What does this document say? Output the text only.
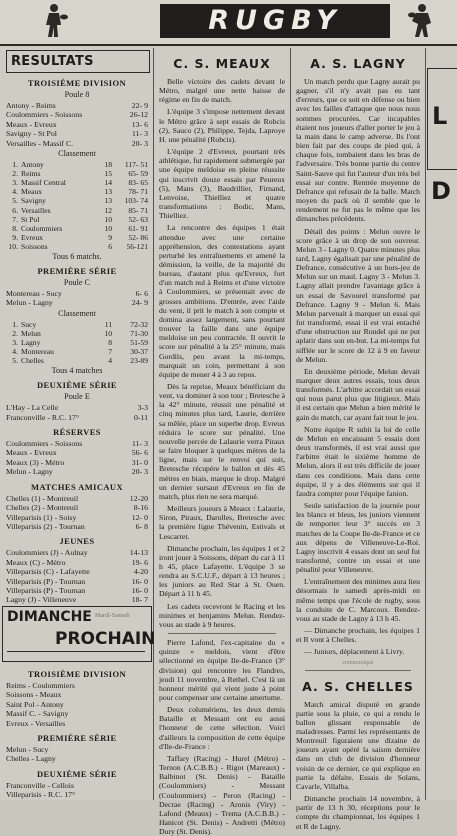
RUGBY
RESULTATS
TROISIÈME DIVISION
Poule 8
Antony - Reims	22- 9
Coulommiers - Soissons	26-12
Meaux - Evreux	13- 6
Savigny - St Pol	11- 3
Versailles - Massif C.	20- 3
Classement
1. Antony	18	117- 51
2. Reims	15	65- 59
3. Massif Central	14	83- 65
4. Meaux	13	78- 71
5. Savigny	13	103- 74
6. Versailles	12	85- 71
7. St Pol	10	52- 63
8. Coulommiers	10	61- 91
9. Evreux	9	52- 86
10. Soissons	6	56-121
Tous 6 matchs.
PREMIÈRE SÉRIE
Poule C
Montereau - Sucy	6- 6
Melun - Lagny	24- 9
Classement
1. Sucy	11	72-32
2. Melun	10	71-30
3. Lagny	8	51-59
4. Montereau	7	30-37
5. Chelles	4	23-89
Tous 4 matches
DEUXIÈME SÉRIE
Poule E
L'Hay - La Celle	3-3
Franconville - R.C. 17°	0-11
RÉSERVES
Coulommiers - Soissons	11- 3
Meaux - Evreux	56- 6
Meaux (3) - Métro	31- 0
Melun - Lagny	20- 3
MATCHES AMICAUX
Chelles (1) - Montreuil	12-20
Chelles (2) - Montreuil	8-16
Villeparisis (1) - Soisy	12- 0
Villeparisis (2) - Tournan	6- 8
JEUNES
Coulommiers (J) - Aulnay	14-13
Meaux (C) - Métro	19- 6
Villeparisis (C) - Lafayette	4-20
Villeparisis (P) - Tournan	16- 0
Villeparisis (P) - Tournan	16- 0
Lagny (J) - Villeneuve	18- 7
DIMANCHE Mardi-Samedi
PROCHAIN
TROISIÈME DIVISION
Reims - Coulommiers
Soissons - Meaux
Saint Pol - Antony
Massif C. - Savigny
Evreux - Versailles
PREMIÈRE SÉRIE
Melun - Sucy
Chelles - Lagny
DEUXIÈME SÉRIE
Franconville - Cellois
Villeparisis - R.C. 17°
C. S. MEAUX

Belle victoire des cadets devant le Métro, malgré une nette baisse de régime en fin de match.

L'équipe 3 s'impose nettement devant le Métro grâce à sept essais de Robcis (2), Sauco (2), Philippe, Tejda, Laproye H. une pénalité (Robcis).

L'équipe 2 d'Evreux, pourtant très athlétique, fut rapidement submergée par une équipe meldoise en pleine réussite qui inscrivit douze essais par Peureux (5), Mans (3), Baudrillier, Firnand, Lenvoise, Thielliez et quatre transformations : Bodic, Mans, Thielliez.

La rencontre des équipes 1 était attendue avec une certaine appréhension, des contestations ayant perturbé les entraînements et amené la démission, la veille, de la majorité du bureau, d'autant plus qu'Evreux, fort d'un match nul à Reims et d'une victoire à Coulommiers, se présentait avec de grosses ambitions. D'entrée, avec l'aide du vent, il prit le match à son compte et domina assez largement, sans pourtant trouver la faille dans une équipe meldoise un peu contractée. Il ouvrit le score sur pénalité à la 25° minute, mais Gordils, peu avant la mi-temps, marquait un coin, permettant à son équipe de mener 4 à 3 au repos.

Dès la reprise, Meaux bénéficiant du vent, va dominer à son tour ; Bretesche à la 42° minute, réussit une pénalité et cinq minutes plus tard, Laurie, derrière sa mêlée, place un superbe drop. Evreux réduira le score sur pénalité. Une nouvelle percée de Lalaurie verra Piraux se faire bloquer à quelques mètres de la ligne, mais sur le renvoi qui suit, Bretesche récupère le ballon et dès 45 mètres en biais, marque le drop. Malgré un dernier sursaut d'Evreux en fin de match, plus rien ne sera marqué.

Meilleurs joueurs à Meaux : Lalaurie, Siron, Piraux, Darolles, Bretesche avec la première ligne Thévenin, Estivals et Lescarret.

Dimanche prochain, les équipes 1 et 2 iront jouer à Soissons, départ du car à 11 h 45, place Lafayette. L'équipe 3 se rendra au S.C.U.F., départ à 13 heures ; les juniors au Red Star à St. Ouen. Départ à 11 h 45.

Les cadets recevront le Racing et les minimes et benjamins Melun. Rendez-vous au stade à 9 heures.

Pierre Lafond, l'ex-capitaine du « quinze » meldois, vient d'être sélectionné en équipe Ile-de-France (3° division) qui rencontre les Flandres, jeudi 11 novembre, à Rethel. C'est là un honneur mérité qui vient juste à point pour compenser une certaine amertume.

Deux columériens, les deux demis Bataille et Messant ont eu aussi l'honneur de cette sélection. Voici d'ailleurs la composition de cette équipe d'Ile-de-France :

Taffary (Racing) - Hurel (Métro) - Ternon (A.C.B.B.) - Rigot (Mareaux) - Balbinot (St. Denis) - Bataille (Coulommiers) - Messant (Coulommiers) - Peron (Racing) - Decrae (Racing) - Aronis (Viry) - Lafond (Meaux) - Trema (A.C.B.B.) - Hanicot (St. Denis) - Andretti (Métro) Dury (St. Denis).

A. S. LAGNY

Un match perdu que Lagny aurait pu gagner, s'il n'y avait pas eu tant d'erreurs, que ce soit en défense ou bien avec les failles d'attaque que nous nous sommes procurées. Car incapables étaient nos joueurs d'aller porter le jeu à la main dans le camp adverse. Ils l'ont bien fait par des coups de pied qui, à chaque fois, tombaient dans les bras de l'adversaire. Très bonne partie du centre Saint-Sauve qui fut l'auteur d'un très bel essai sur contre. Rentrée moyenne de Defrance qui refusait de la balle. Match moyen du pack où il semble que le rendement ne fut pas le même que les dimanches précédents.

Détail des points : Melun ouvre le score grâce à un drop de son ouvreur. Melun 3 - Lagny 0. Quatre minutes plus tard, Lagny égalisait par une pénalité de Defrance, consécutive à un hors-jeu de Melun sur un maul. Lagny 3 - Melun 3. Lagny allait prendre l'avantage grâce à un essai de Savourel transformé par Defrance. Lagny 9 - Melun 6. Mais Melun parvenait à marquer un essai qui fut transformé, essai il est vrai entaché d'une obstruction sur Rondel qui ne put aplatir dans son en-but. La mi-temps fut sifflée sur le score de 12 à 9 en faveur de Melun.

En deuxième période, Melun devait marquer deux autres essais, tous deux transformés. L'arbitre accordait un essai qui nous parut plus que litigieux. Mais il est certain que Melun a bien mérité le gain du match, car ayant fait tout le jeu.

Notre équipe R subit la loi de celle de Melun en encaissant 5 essais dont deux transformés, il est vrai aussi que l'arbitre était le sixième homme de Melun, alors il est très difficile de jouer dans ces conditions. Mais dans cette équipe, il y a des éléments sur qui il faudra compter pour l'équipe fanion.

Seule satisfaction de la journée pour les blancs et bleus, les juniors viennent de remporter leur 3° succès en 3 matches de la Coupe Ile-de-France et ce aux dépens de Villeneuve-Le-Roi. Lagny inscrivit 4 essais dont un seul fut transformé, contre un essai et une pénalité pour Villeneuve.

L'entraînement des minimes aura lieu désormais le samedi après-midi en même temps que l'école de rugby, sous la conduite de C. Marcoux. Rendez-vous au stade de Lagny à 13 h 45.

— Dimanche prochain, les équipes 1 et R vont à Chelles.

— Juniors, déplacement à Livry.

communiqué
A. S. CHELLES

Match amical disputé en grande partie sous la pluie, ce qui a rendu le ballon glissant responsable de maladresses. Parmi les représentants de Montreuil figuraient une dizaine de joueurs ayant opéré la saison dernière dans un club de division d'honneur voisin de ce dernier, ce qui explique en partie la défaite. Essais de Solans, Cavarle, Villalba.

Dimanche prochain 14 novembre, à partir de 13 h 30, réceptions pour le compte du championnat, les équipes 1 et R de Lagny.

L
D
